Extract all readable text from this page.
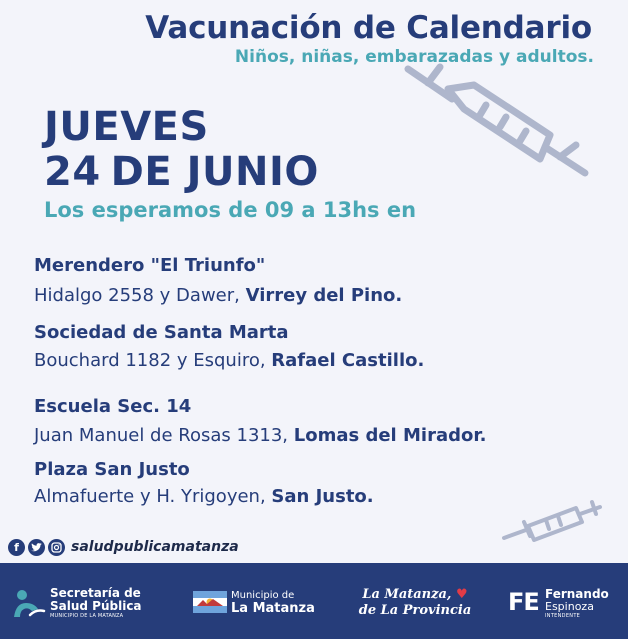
Vacunación de Calendario
Niños, niñas, embarazadas y adultos.
JUEVES
24 DE JUNIO
Los esperamos de 09 a 13hs en
Merendero "El Triunfo"
Hidalgo 2558 y Dawer, Virrey del Pino.
Sociedad de Santa Marta
Bouchard 1182 y Esquiro, Rafael Castillo.
Escuela Sec. 14
Juan Manuel de Rosas 1313, Lomas del Mirador.
Plaza San Justo
Almafuerte y H. Yrigoyen, San Justo.
f	saludpublicamatanza
Secretaría de
Salud Pública
MUNICIPIO DE LA MATANZA
Municipio de
La Matanza
La Matanza, ♥
de La Provincia FE Fernando
Espinoza
INTENDENTE
